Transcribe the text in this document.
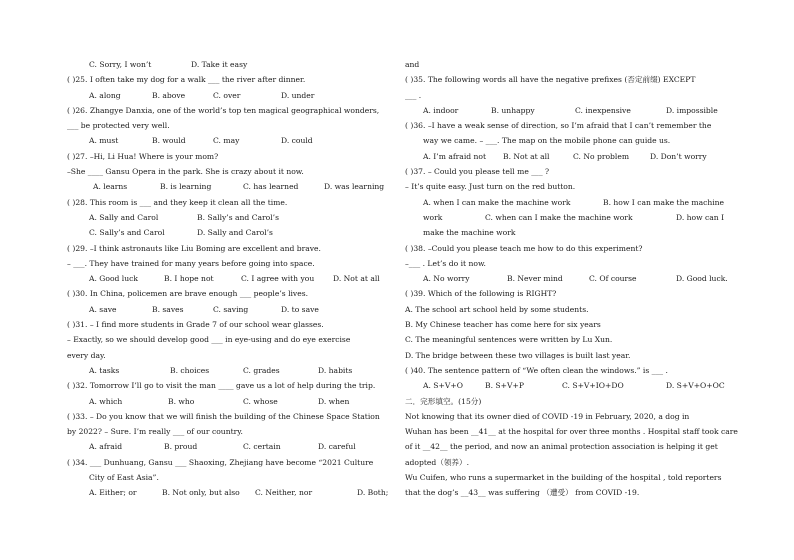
C. Sorry, I won’t	D. Take it easy
( )25. I often take my dog for a walk ___ the river after dinner.
A. along	B. above	C. over	D. under
( )26. Zhangye Danxia, one of the world’s top ten magical geographical wonders,
___ be protected very well.
A. must	B. would	C. may	D. could
( )27. –Hi, Li Hua! Where is your mom?
–She ____ Gansu Opera in the park. She is crazy about it now.
A. learns	B. is learning	C. has learned	D. was learning
( )28. This room is ___ and they keep it clean all the time.
A. Sally and Carol	B. Sally’s and Carol’s
C. Sally’s and Carol	D. Sally and Carol’s
( )29. –I think astronauts like Liu Boming are excellent and brave.
– ___. They have trained for many years before going into space.
A. Good luck	B. I hope not	C. I agree with you D. Not at all
( )30. In China, policemen are brave enough ___ people’s lives.
A. save	B. saves	C. saving	D. to save
( )31. – I find more students in Grade 7 of our school wear glasses.
– Exactly, so we should develop good ___ in eye-using and do eye exercise
every day.
A. tasks	B. choices	C. grades	D. habits
( )32. Tomorrow I’ll go to visit the man ____ gave us a lot of help during the trip.
A. which	B. who	C. whose	D. when
( )33. – Do you know that we will finish the building of the Chinese Space Station
by 2022? – Sure. I’m really ___ of our country.
A. afraid	B. proud	C. certain	D. careful
( )34. ___ Dunhuang, Gansu ___ Shaoxing, Zhejiang have become “2021 Culture
City of East Asia”.
A. Either; or	B. Not only, but also C. Neither, nor	D. Both;
and
( )35. The following words all have the negative prefixes (否定前缀) EXCEPT
___ .
A. indoor	B. unhappy	C. inexpensive	D. impossible
( )36. –I have a weak sense of direction, so I’m afraid that I can’t remember the
way we came. – ___. The map on the mobile phone can guide us.
A. I’m afraid not B. Not at all	C. No problem	D. Don’t worry
( )37. – Could you please tell me ___ ?
– It’s quite easy. Just turn on the red button.
A. when I can make the machine work	B. how I can make the machine
work	C. when can I make the machine work	D. how can I
make the machine work
( )38. –Could you please teach me how to do this experiment?
–___ . Let’s do it now.
A. No worry	B. Never mind	C. Of course	D. Good luck.
( )39. Which of the following is RIGHT?
A. The school art school held by some students.
B. My Chinese teacher has come here for six years
C. The meaningful sentences were written by Lu Xun.
D. The bridge between these two villages is built last year.
( )40. The sentence pattern of “We often clean the windows.” is ___ .
A. S+V+O	B. S+V+P	C. S+V+IO+DO	D. S+V+O+OC
二．完形填空。(15分)
Not knowing that its owner died of COVID -19 in February, 2020, a dog in
Wuhan has been __41__ at the hospital for over three months . Hospital staff took care
of it __42__ the period, and now an animal protection association is helping it get
adopted（领养）.
Wu Cuifen, who runs a supermarket in the building of the hospital , told reporters
that the dog’s __43__ was suffering （遭受） from COVID -19.
